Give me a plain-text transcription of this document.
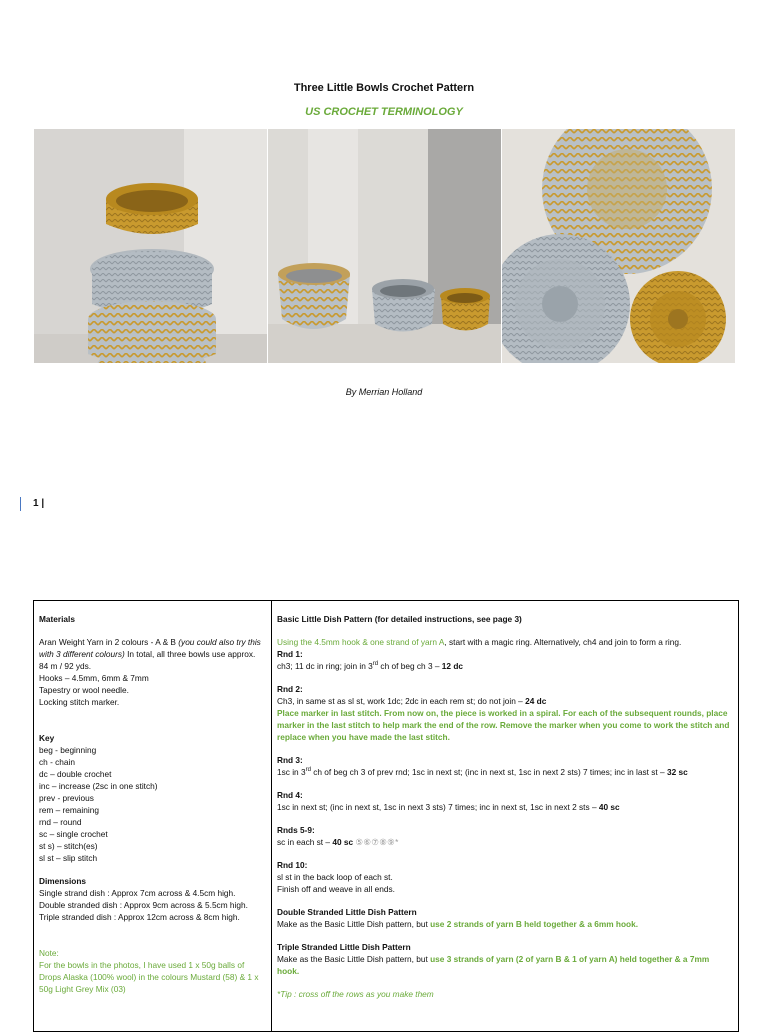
Three Little Bowls Crochet Pattern
US CROCHET TERMINOLOGY
By Merrian Holland
1 |
Materials
Aran Weight Yarn in 2 colours - A & B (you could also try this with 3 different colours) In total, all three bowls use approx. 84 m / 92 yds.
Hooks – 4.5mm, 6mm & 7mm
Tapestry or wool needle.
Locking stitch marker.
Key
beg - beginning
ch - chain
dc – double crochet
inc – increase (2sc in one stitch)
prev - previous
rem – remaining
rnd – round
sc – single crochet
st s) – stitch(es)
sl st – slip stitch
Dimensions
Single strand dish : Approx 7cm across & 4.5cm high.
Double stranded dish : Approx 9cm across & 5.5cm high.
Triple stranded dish : Approx 12cm across & 8cm high.
Note:
For the bowls in the photos, I have used 1 x 50g balls of Drops Alaska (100% wool) in the colours Mustard (58) & 1 x 50g Light Grey Mix (03)
Basic Little Dish Pattern (for detailed instructions, see page 3)
Using the 4.5mm hook & one strand of yarn A, start with a magic ring. Alternatively, ch4 and join to form a ring.
Rnd 1:
ch3; 11 dc in ring; join in 3rd ch of beg ch 3 – 12 dc
Rnd 2:
Ch3, in same st as sl st, work 1dc; 2dc in each rem st; do not join – 24 dc
Place marker in last stitch. From now on, the piece is worked in a spiral. For each of the subsequent rounds, place marker in the last stitch to help mark the end of the row. Remove the marker when you come to work the stitch and replace when you have made the last stitch.
Rnd 3:
1sc in 3rd ch of beg ch 3 of prev rnd; 1sc in next st; (inc in next st, 1sc in next 2 sts) 7 times; inc in last st – 32 sc
Rnd 4:
1sc in next st; (inc in next st, 1sc in next 3 sts) 7 times; inc in next st, 1sc in next 2 sts – 40 sc
Rnds 5-9:
sc in each st – 40 sc ⑤⑥⑦⑧⑨*
Rnd 10:
sl st in the back loop of each st.
Finish off and weave in all ends.
Double Stranded Little Dish Pattern
Make as the Basic Little Dish pattern, but use 2 strands of yarn B held together & a 6mm hook.
Triple Stranded Little Dish Pattern
Make as the Basic Little Dish pattern, but use 3 strands of yarn (2 of yarn B & 1 of yarn A) held together & a 7mm hook.
*Tip : cross off the rows as you make them
